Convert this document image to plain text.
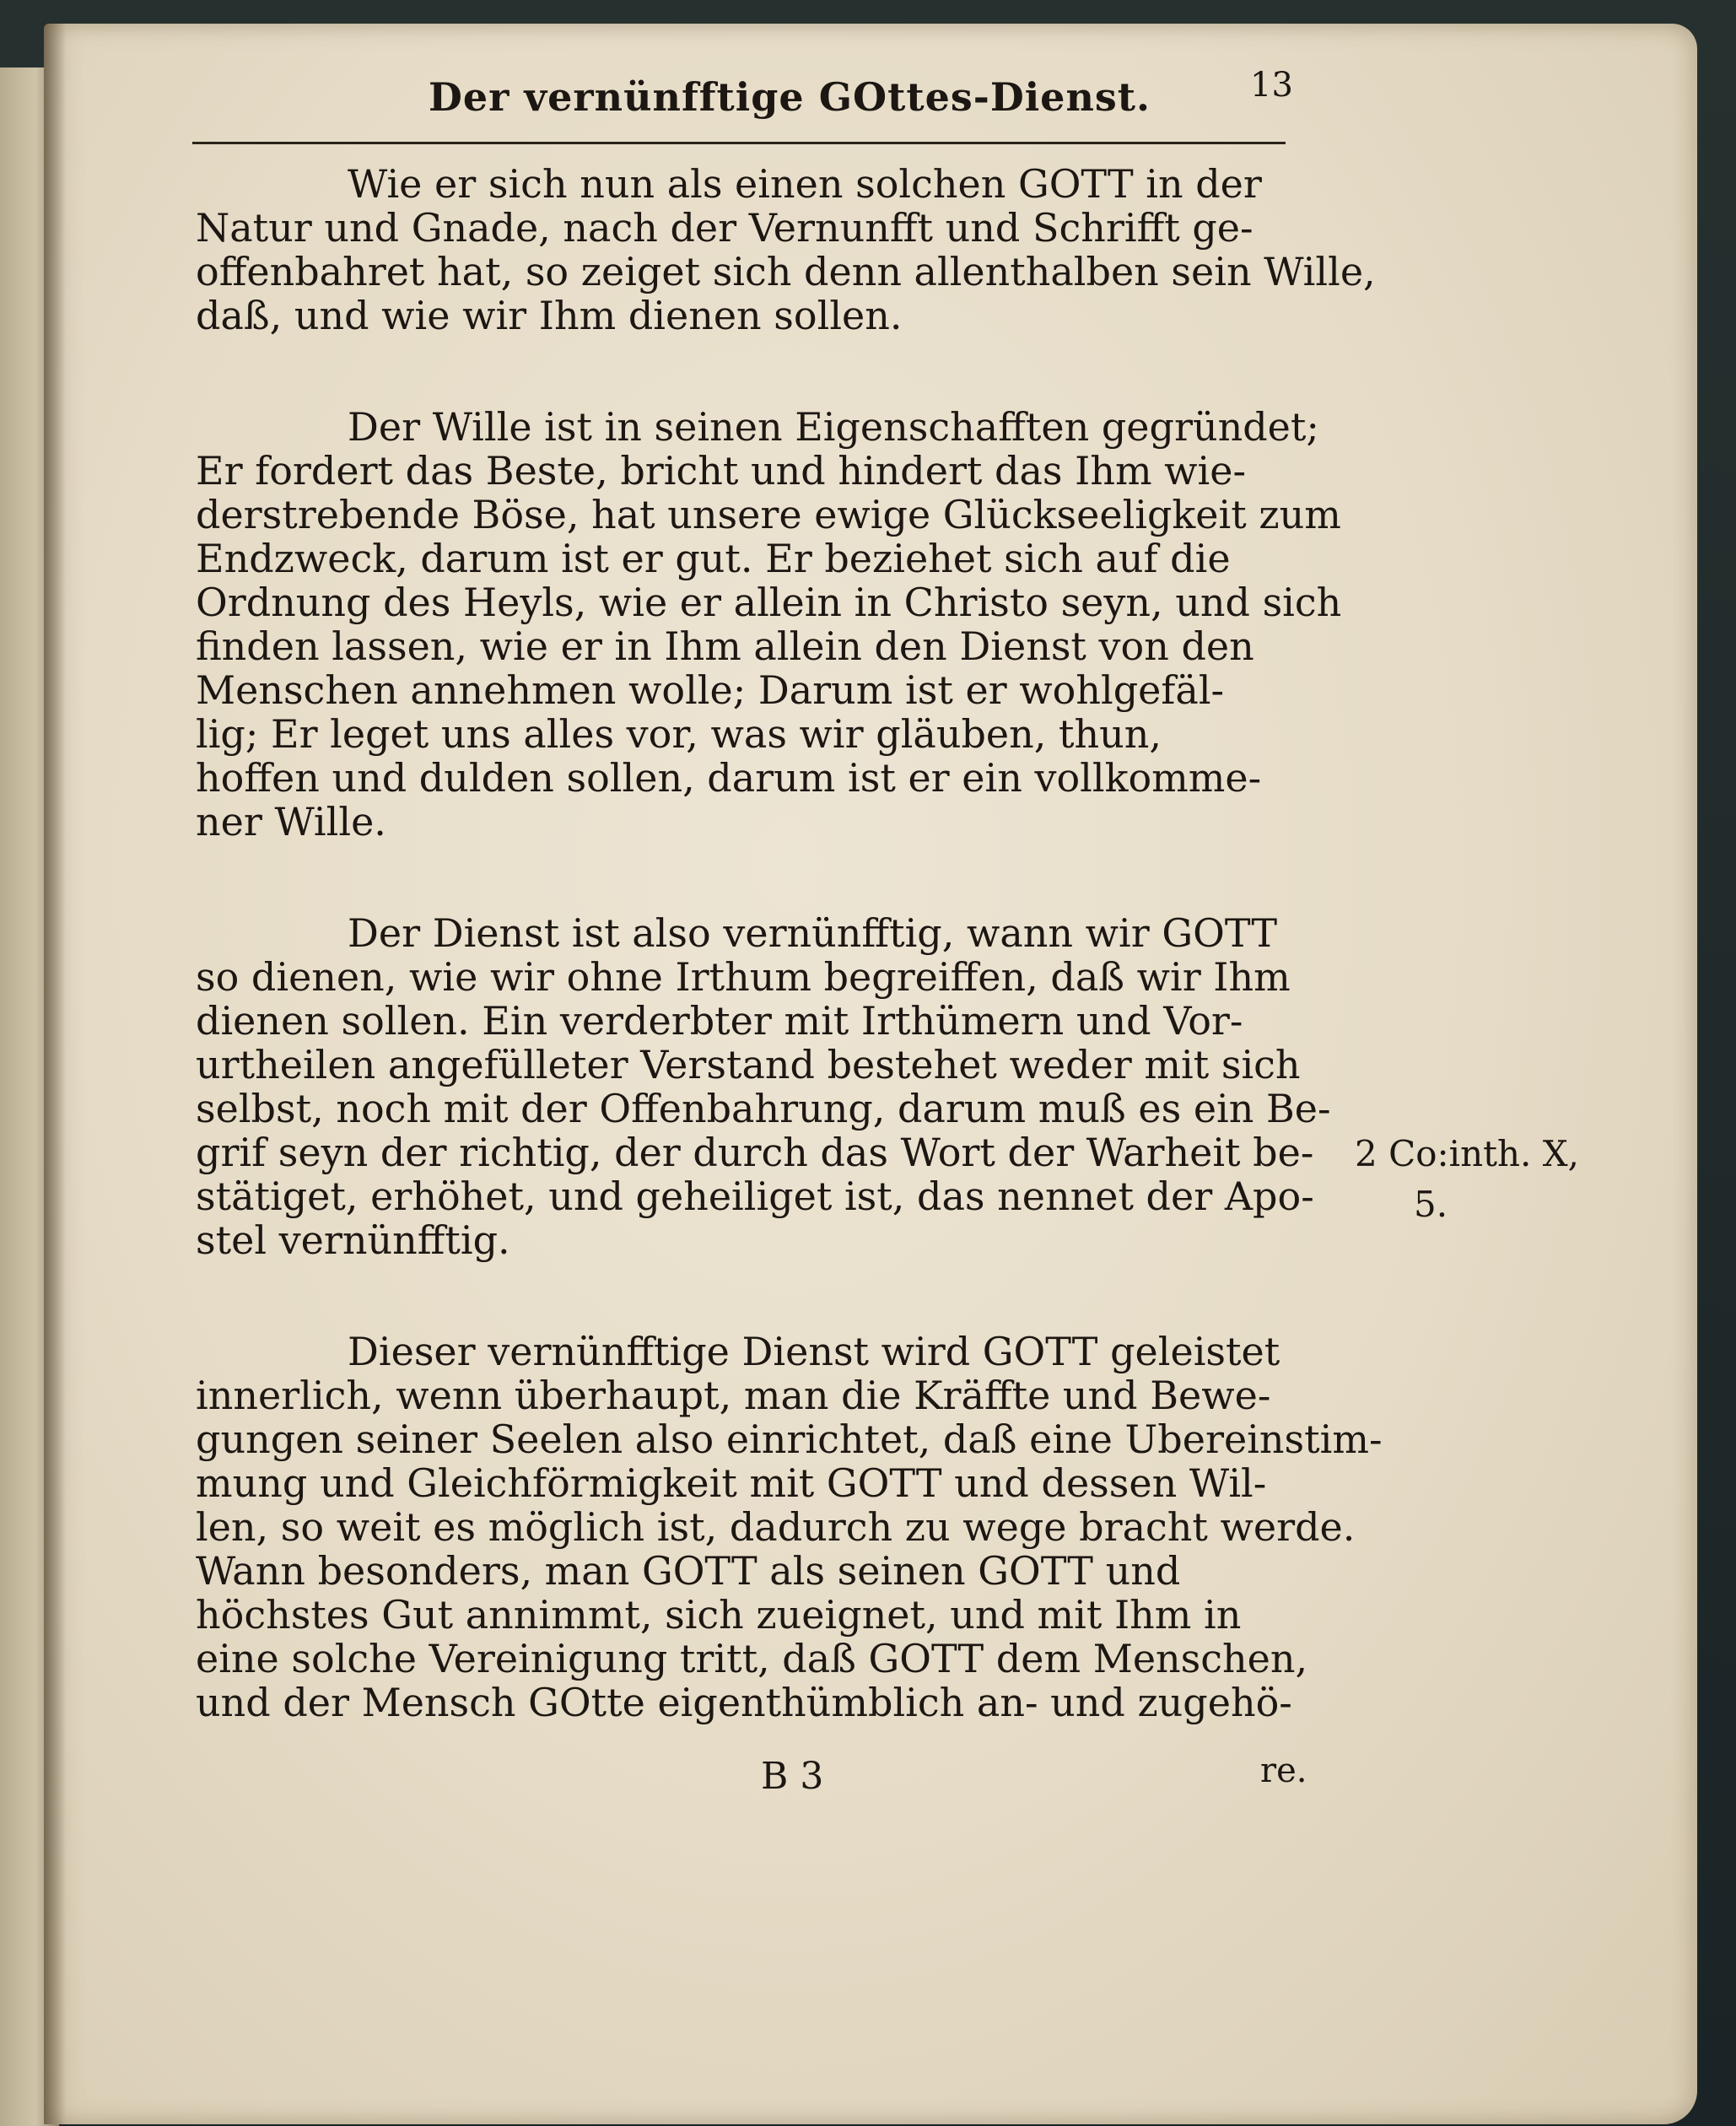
Der vernünfftige GOttes-Dienst.	13
Wie er sich nun als einen solchen GOTT in der
Natur und Gnade, nach der Vernunfft und Schrifft ge-
offenbahret hat, so zeiget sich denn allenthalben sein Wille,
daß, und wie wir Ihm dienen sollen.
Der Wille ist in seinen Eigenschafften gegründet;
Er fordert das Beste, bricht und hindert das Ihm wie-
derstrebende Böse, hat unsere ewige Glückseeligkeit zum
Endzweck, darum ist er gut. Er beziehet sich auf die
Ordnung des Heyls, wie er allein in Christo seyn, und sich
finden lassen, wie er in Ihm allein den Dienst von den
Menschen annehmen wolle; Darum ist er wohlgefäl-
lig; Er leget uns alles vor, was wir gläuben, thun,
hoffen und dulden sollen, darum ist er ein vollkomme-
ner Wille.
Der Dienst ist also vernünfftig, wann wir GOTT
so dienen, wie wir ohne Irthum begreiffen, daß wir Ihm
dienen sollen. Ein verderbter mit Irthümern und Vor-
urtheilen angefülleter Verstand bestehet weder mit sich
selbst, noch mit der Offenbahrung, darum muß es ein Be-
grif seyn der richtig, der durch das Wort der Warheit be-
stätiget, erhöhet, und geheiliget ist, das nennet der Apo-
stel vernünfftig.
Dieser vernünfftige Dienst wird GOTT geleistet
innerlich, wenn überhaupt, man die Kräffte und Bewe-
gungen seiner Seelen also einrichtet, daß eine Ubereinstim-
mung und Gleichförmigkeit mit GOTT und dessen Wil-
len, so weit es möglich ist, dadurch zu wege bracht werde.
Wann besonders, man GOTT als seinen GOTT und
höchstes Gut annimmt, sich zueignet, und mit Ihm in
eine solche Vereinigung tritt, daß GOTT dem Menschen,
und der Mensch GOtte eigenthümblich an- und zugehö-
2 Co:inth. X,
5.
B 3	re.
